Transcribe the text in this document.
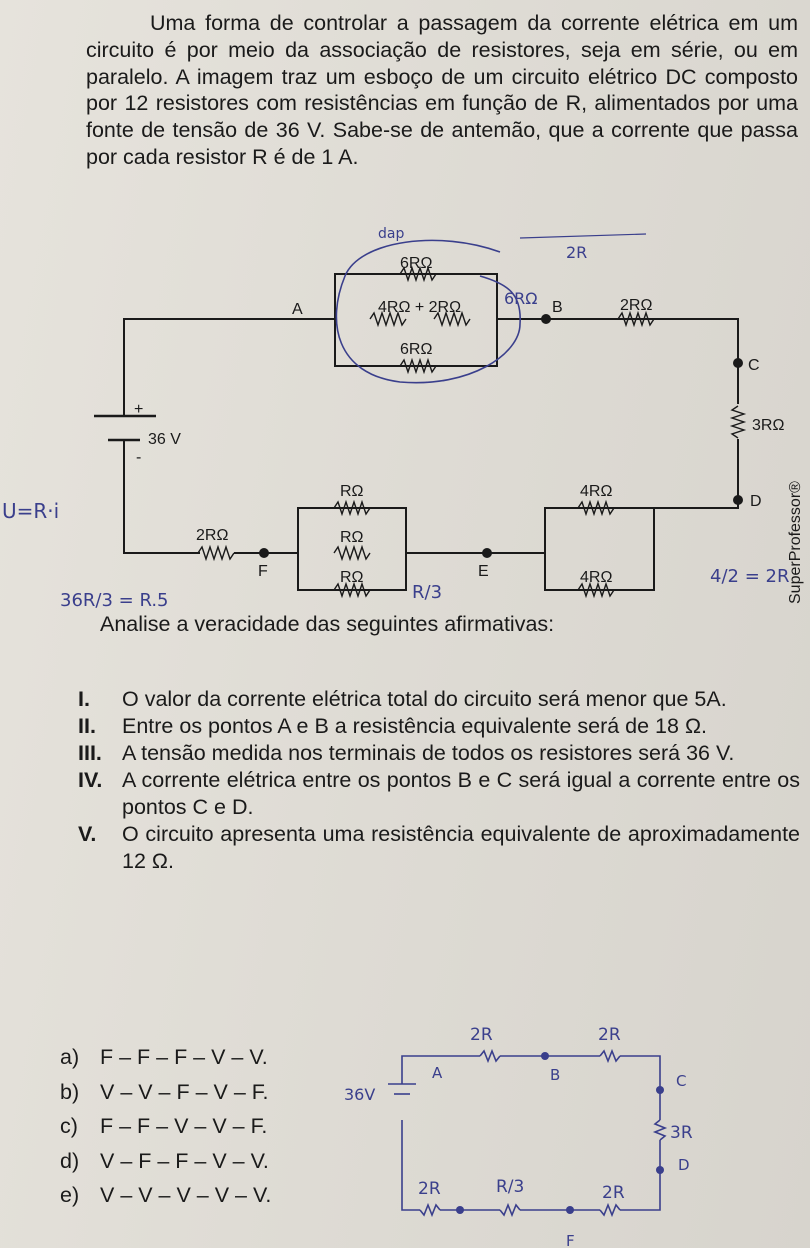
Uma forma de controlar a passagem da corrente elétrica em um circuito é por meio da associação de resistores, seja em série, ou em paralelo. A imagem traz um esboço de um circuito elétrico DC composto por 12 resistores com resistências em função de R, alimentados por uma fonte de tensão de 36 V. Sabe-se de antemão, que a corrente que passa por cada resistor R é de 1 A.

36 V
+
-
A	B
C
D
E
F
6RΩ
4RΩ + 2RΩ
6RΩ
2RΩ
3RΩ
4RΩ
4RΩ
RΩ
RΩ
RΩ
2RΩ
dap
2R
6RΩ
U=R·i
36R/3 = R.5	R/3
4/2 = 2R
SuperProfessor®
Analise a veracidade das seguintes afirmativas:
I. O valor da corrente elétrica total do circuito será menor que 5A.
II. Entre os pontos A e B a resistência equivalente será de 18 Ω.
III. A tensão medida nos terminais de todos os resistores será 36 V.
IV. A corrente elétrica entre os pontos B e C será igual a corrente entre os pontos C e D.
V. O circuito apresenta uma resistência equivalente de aproximadamente 12 Ω.
a) F – F – F – V – V.
b) V – V – F – V – F.
c) F – F – V – V – F.
d) V – F – F – V – V.
e) V – V – V – V – V.
2R	2R
3R
2R
R/3
2R
A	B	C
D
F
36V
